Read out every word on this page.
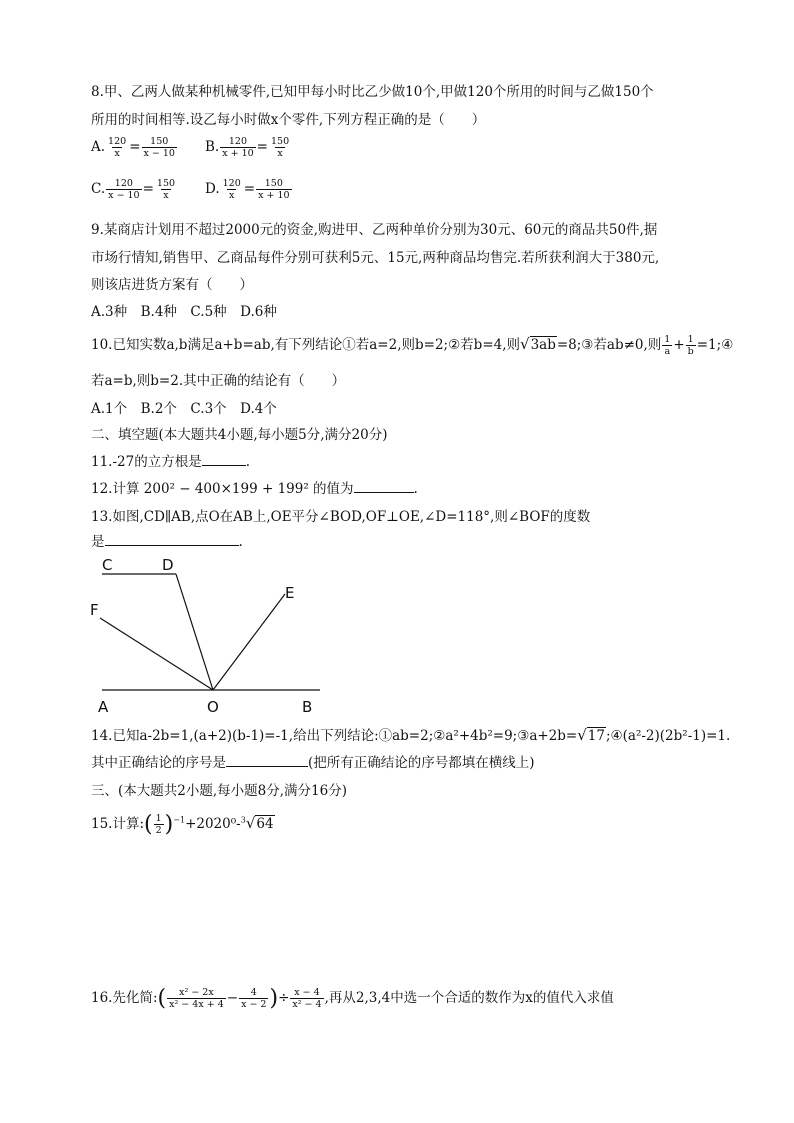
8.甲、乙两人做某种机械零件,已知甲每小时比乙少做10个,甲做120个所用的时间与乙做150个
所用的时间相等.设乙每小时做x个零件,下列方程正确的是（　　）
A. $\frac{120}{x} = \frac{150}{x - 10} B$. $\frac{120}{x + 10} = \frac{150}{x}$
C. $\frac{120}{x - 10} = \frac{150}{x} D$. $\frac{120}{x} = \frac{150}{x + 10}$
9.某商店计划用不超过2000元的资金,购进甲、乙两种单价分别为30元、60元的商品共50件,据
市场行情知,销售甲、乙商品每件分别可获利5元、15元,两种商品均售完.若所获利润大于380元,
则该店进货方案有（　　）
A.3种　B.4种　C.5种　D.6种
10.已知实数a,b满足a+b=ab,有下列结论①若a=2,则b=2;②若b=4,则√3ab=8;③若ab≠0,则 $\frac{1}{a} + \frac{1}{b}$ =1;④
若a=b,则b=2.其中正确的结论有（　　）
A.1个　B.2个　C.3个　D.4个
二、填空题(本大题共4小题,每小题5分,满分20分)
11.-27的立方根是	.
12.计算 200² − 400×199 + 199² 的值为	.
13.如图,CD∥AB,点O在AB上,OE平分∠BOD,OF⊥OE,∠D=118°,则∠BOF的度数
是	.
C	D
E
F
A	O	B
14.已知a-2b=1,(a+2)(b-1)=-1,给出下列结论:①ab=2;②a²+4b²=9;③a+2b=√17;④(a²-2)(2b²-1)=1.
其中正确结论的序号是	(把所有正确结论的序号都填在横线上)
三、(本大题共2小题,每小题8分,满分16分)
15.计算:( $\frac{1}{2} )^{-1}+2020^0-^3√64$
16.先化简:( $\frac{\text{x² − 2x}}{\text{x² − 4x + 4}} - \frac{4}{x - 2}$ )÷ $\frac{x - 4}{\text{x² − 4}}$ ,再从2,3,4中选一个合适的数作为x的值代入求值
